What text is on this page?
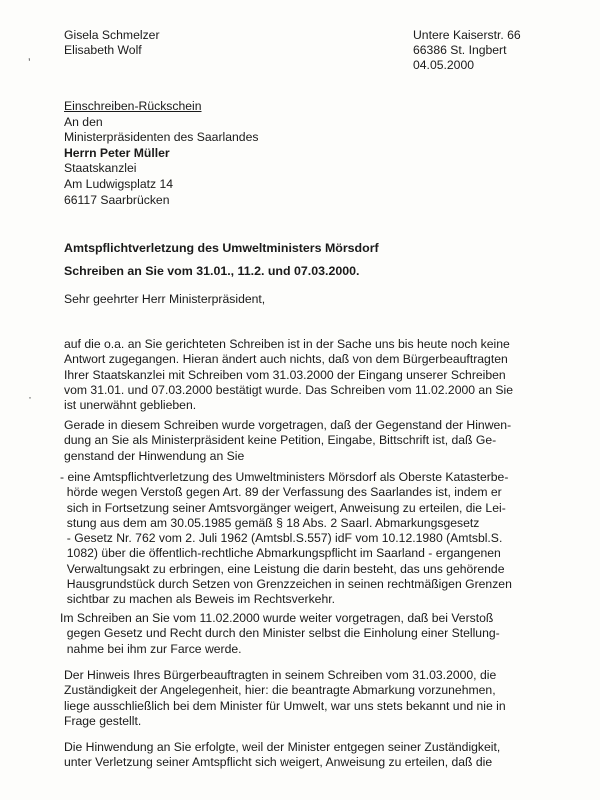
ʼ
·
Gisela Schmelzer
Elisabeth Wolf
Untere Kaiserstr. 66
66386 St. Ingbert
04.05.2000
Einschreiben-Rückschein
An den
Ministerpräsidenten des Saarlandes
Herrn Peter Müller
Staatskanzlei
Am Ludwigsplatz 14
66117 Saarbrücken
Amtspflichtverletzung des Umweltministers Mörsdorf
Schreiben an Sie vom 31.01., 11.2. und 07.03.2000.
Sehr geehrter Herr Ministerpräsident,
auf die o.a. an Sie gerichteten Schreiben ist in der Sache uns bis heute noch keine
Antwort zugegangen. Hieran ändert auch nichts, daß von dem Bürgerbeauftragten
Ihrer Staatskanzlei mit Schreiben vom 31.03.2000 der Eingang unserer Schreiben
vom 31.01. und 07.03.2000 bestätigt wurde. Das Schreiben vom 11.02.2000 an Sie
ist unerwähnt geblieben.
Gerade in diesem Schreiben wurde vorgetragen, daß der Gegenstand der Hinwen-
dung an Sie als Ministerpräsident keine Petition, Eingabe, Bittschrift ist, daß Ge-
genstand der Hinwendung an Sie
- eine Amtspflichtverletzung des Umweltministers Mörsdorf als Oberste Katasterbe-
hörde wegen Verstoß gegen Art. 89 der Verfassung des Saarlandes ist, indem er
sich in Fortsetzung seiner Amtsvorgänger weigert, Anweisung zu erteilen, die Lei-
stung aus dem am 30.05.1985 gemäß § 18 Abs. 2 Saarl. Abmarkungsgesetz
- Gesetz Nr. 762 vom 2. Juli 1962 (Amtsbl.S.557) idF vom 10.12.1980 (Amtsbl.S.
1082) über die öffentlich-rechtliche Abmarkungspflicht im Saarland - ergangenen
Verwaltungsakt zu erbringen, eine Leistung die darin besteht, das uns gehörende
Hausgrundstück durch Setzen von Grenzzeichen in seinen rechtmäßigen Grenzen
sichtbar zu machen als Beweis im Rechtsverkehr.
Im Schreiben an Sie vom 11.02.2000 wurde weiter vorgetragen, daß bei Verstoß
gegen Gesetz und Recht durch den Minister selbst die Einholung einer Stellung-
nahme bei ihm zur Farce werde.
Der Hinweis Ihres Bürgerbeauftragten in seinem Schreiben vom 31.03.2000, die
Zuständigkeit der Angelegenheit, hier: die beantragte Abmarkung vorzunehmen,
liege ausschließlich bei dem Minister für Umwelt, war uns stets bekannt und nie in
Frage gestellt.
Die Hinwendung an Sie erfolgte, weil der Minister entgegen seiner Zuständigkeit,
unter Verletzung seiner Amtspflicht sich weigert, Anweisung zu erteilen, daß die
